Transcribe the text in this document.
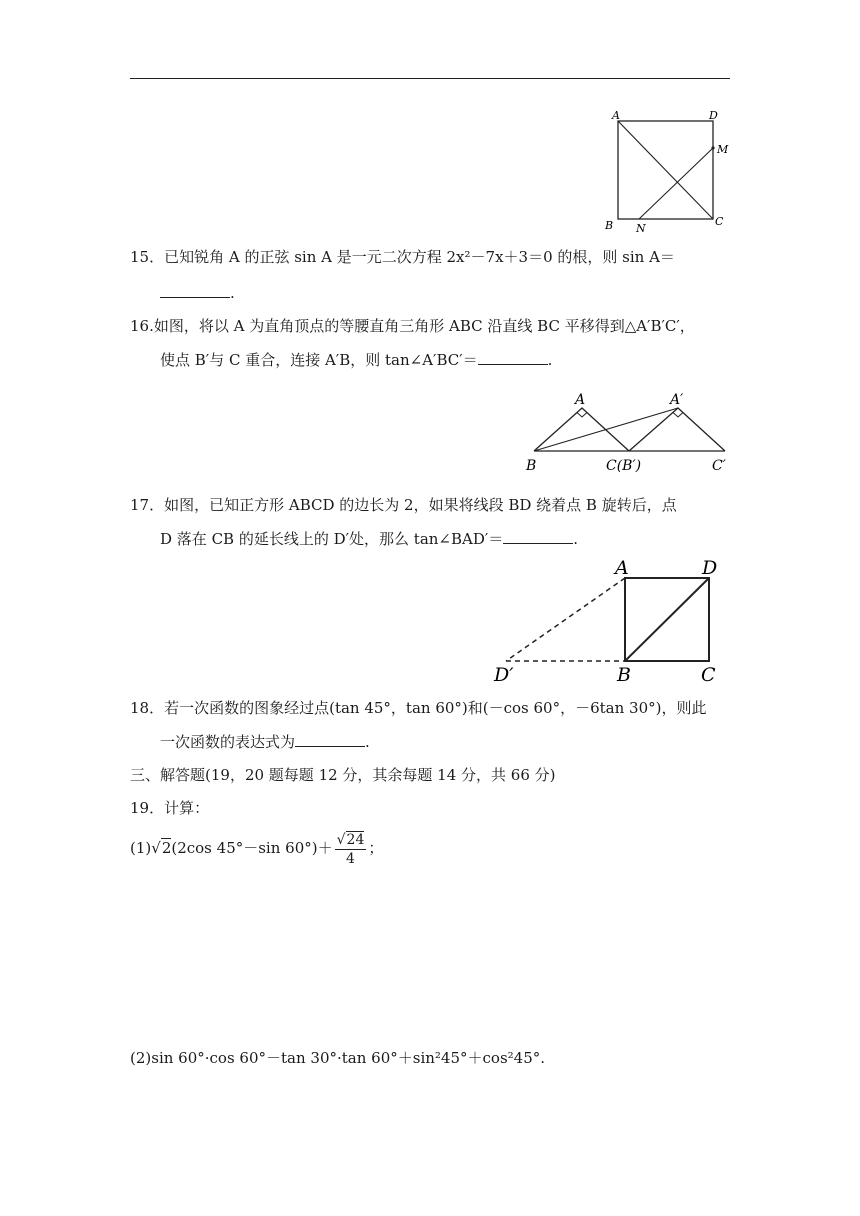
A	D
M
B N
C
15．已知锐角 A 的正弦 sin A 是一元二次方程 2x²－7x＋3＝0 的根，则 sin A＝
.
16.如图，将以 A 为直角顶点的等腰直角三角形 ABC 沿直线 BC 平移得到△A′B′C′，
使点 B′与 C 重合，连接 A′B，则 tan∠A′BC′＝	.
A	A′
B	C(B′)	C′
17．如图，已知正方形 ABCD 的边长为 2，如果将线段 BD 绕着点 B 旋转后，点
D 落在 CB 的延长线上的 D′处，那么 tan∠BAD′＝	.
A	D
D′	B	C
18．若一次函数的图象经过点(tan 45°，tan 60°)和(－cos 60°，－6tan 30°)，则此
一次函数的表达式为	.
三、解答题(19，20 题每题 12 分，其余每题 14 分，共 66 分)
19．计算：
(1)√2(2cos 45°－sin $60^\circ)+ \frac{√24}{4}$ ；
(2)sin 60°·cos 60°－tan 30°·tan 60°＋sin²45°＋cos²45°.
